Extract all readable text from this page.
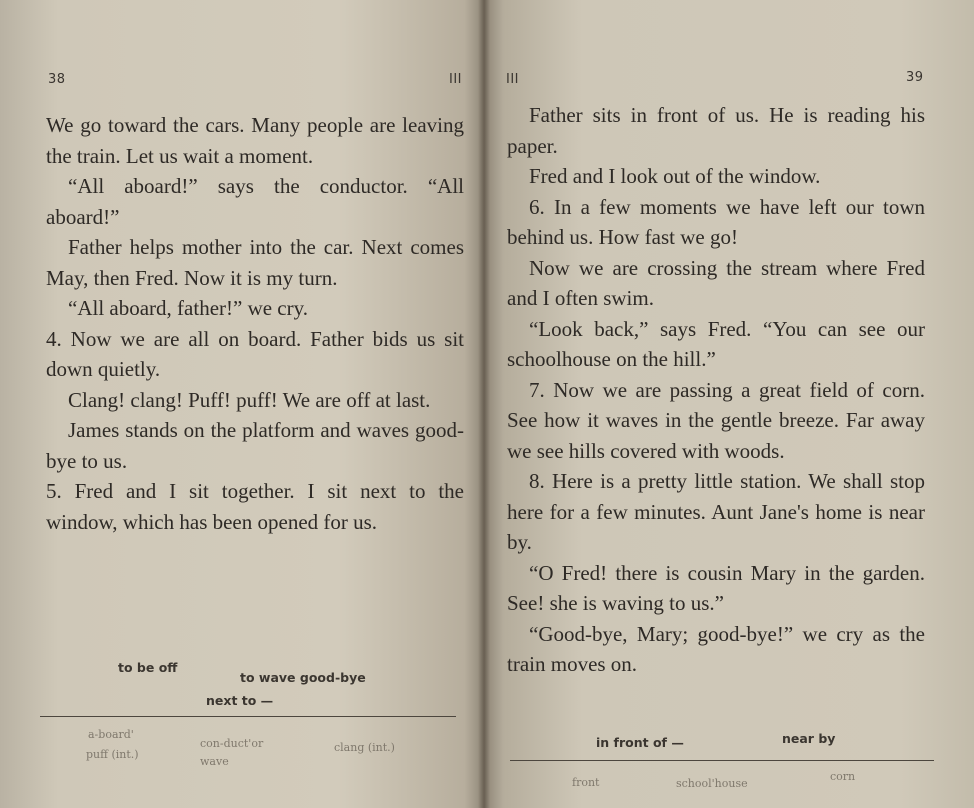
38	III

We go toward the cars. Many people are leaving the train. Let us wait a moment.

“All aboard!” says the conductor. “All aboard!”

Father helps mother into the car. Next comes May, then Fred. Now it is my turn.

“All aboard, father!” we cry.

4. Now we are all on board. Father bids us sit down quietly.

Clang! clang! Puff! puff! We are off at last.

James stands on the platform and waves good-bye to us.

5. Fred and I sit together. I sit next to the window, which has been opened for us.

to be off
to wave good-bye
next to —
a-board'
puff (int.)
con-duct'or
wave
clang (int.)
III	39

Father sits in front of us. He is reading his paper.

Fred and I look out of the window.

6. In a few moments we have left our town behind us. How fast we go!

Now we are crossing the stream where Fred and I often swim.

“Look back,” says Fred. “You can see our schoolhouse on the hill.”

7. Now we are passing a great field of corn. See how it waves in the gentle breeze. Far away we see hills covered with woods.

8. Here is a pretty little station. We shall stop here for a few minutes. Aunt Jane's home is near by.

“O Fred! there is cousin Mary in the garden. See! she is waving to us.”

“Good-bye, Mary; good-bye!” we cry as the train moves on.

in front of —	near by
front	school'house
corn
